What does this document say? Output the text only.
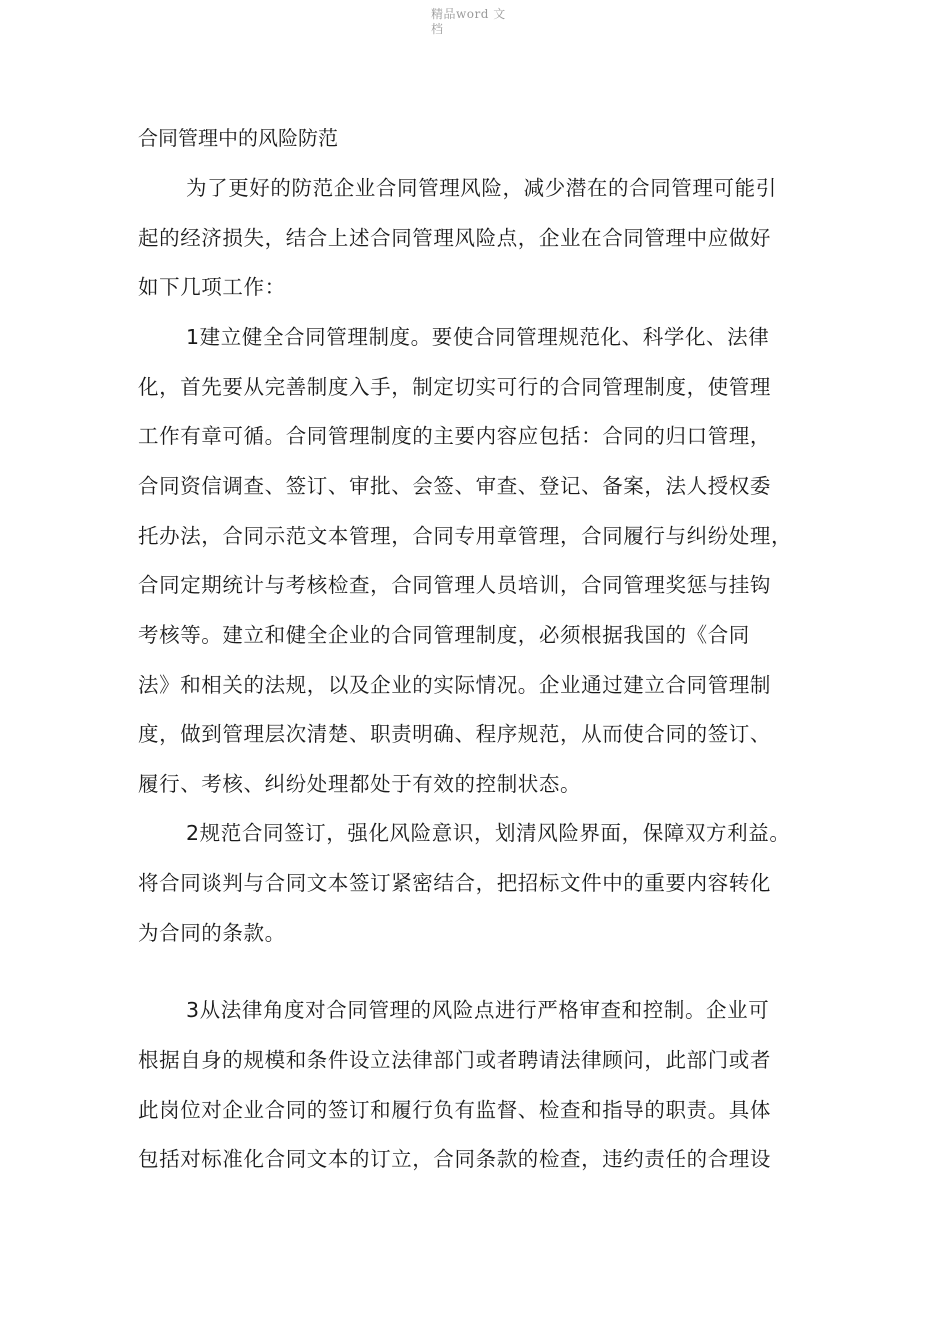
精品word 文
档
合同管理中的风险防范
为了更好的防范企业合同管理风险，减少潜在的合同管理可能引
起的经济损失，结合上述合同管理风险点，企业在合同管理中应做好
如下几项工作：
1建立健全合同管理制度。要使合同管理规范化、科学化、法律
化，首先要从完善制度入手，制定切实可行的合同管理制度，使管理
工作有章可循。合同管理制度的主要内容应包括：合同的归口管理，
合同资信调查、签订、审批、会签、审查、登记、备案，法人授权委
托办法，合同示范文本管理，合同专用章管理，合同履行与纠纷处理，
合同定期统计与考核检查，合同管理人员培训，合同管理奖惩与挂钩
考核等。建立和健全企业的合同管理制度，必须根据我国的《合同
法》和相关的法规，以及企业的实际情况。企业通过建立合同管理制
度，做到管理层次清楚、职责明确、程序规范，从而使合同的签订、
履行、考核、纠纷处理都处于有效的控制状态。
2规范合同签订，强化风险意识，划清风险界面，保障双方利益。
将合同谈判与合同文本签订紧密结合，把招标文件中的重要内容转化
为合同的条款。
3从法律角度对合同管理的风险点进行严格审查和控制。企业可
根据自身的规模和条件设立法律部门或者聘请法律顾问，此部门或者
此岗位对企业合同的签订和履行负有监督、检查和指导的职责。具体
包括对标准化合同文本的订立，合同条款的检查，违约责任的合理设
